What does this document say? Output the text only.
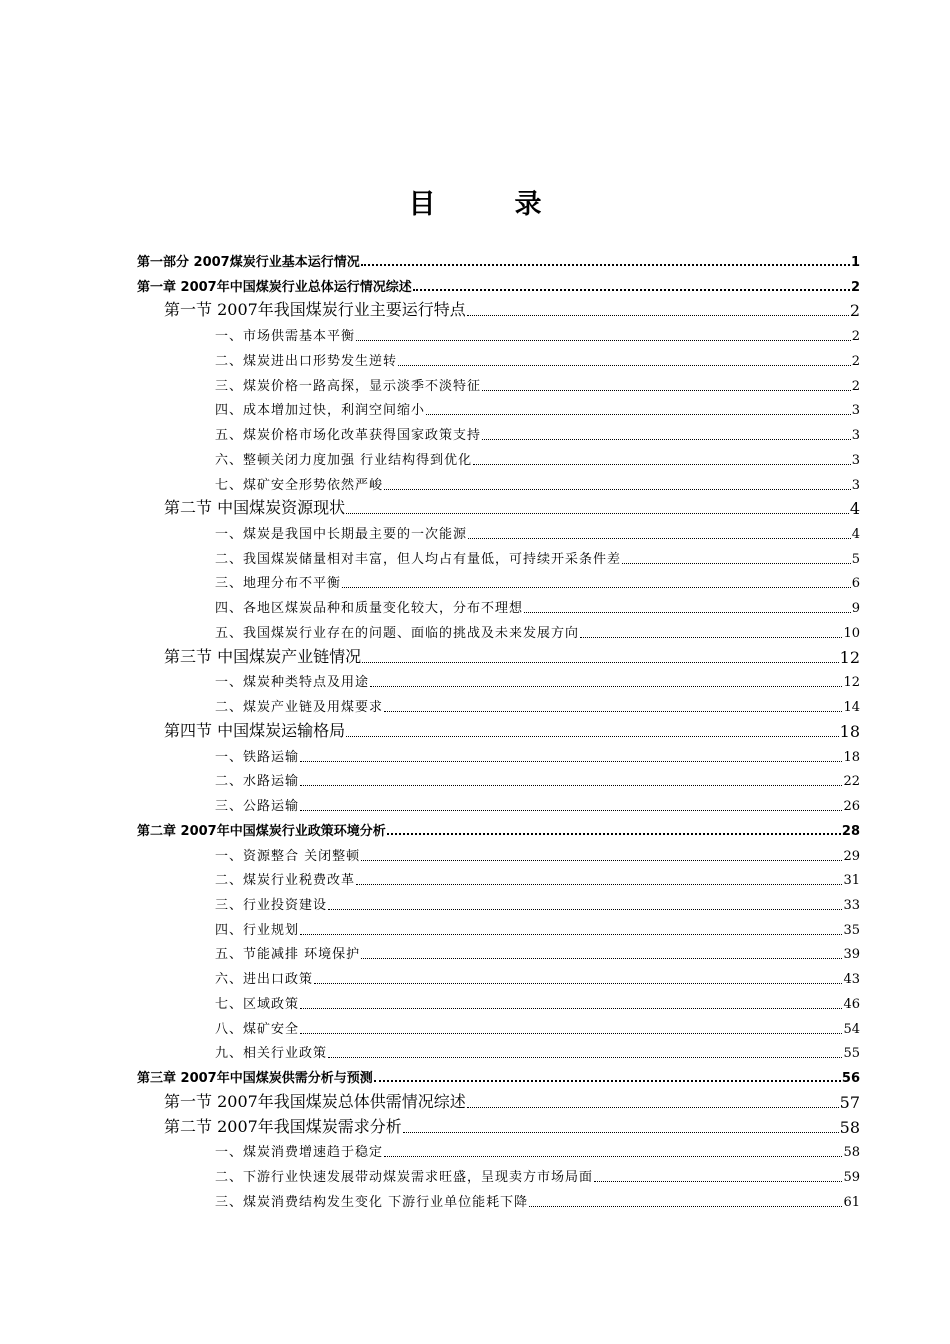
目　录
第一部分 2007煤炭行业基本运行情况	1
第一章 2007年中国煤炭行业总体运行情况综述	2
第一节 2007年我国煤炭行业主要运行特点	2
一、市场供需基本平衡	2
二、煤炭进出口形势发生逆转	2
三、煤炭价格一路高探，显示淡季不淡特征	2
四、成本增加过快，利润空间缩小	3
五、煤炭价格市场化改革获得国家政策支持	3
六、整顿关闭力度加强 行业结构得到优化	3
七、煤矿安全形势依然严峻	3
第二节 中国煤炭资源现状	4
一、煤炭是我国中长期最主要的一次能源	4
二、我国煤炭储量相对丰富，但人均占有量低，可持续开采条件差	5
三、地理分布不平衡	6
四、各地区煤炭品种和质量变化较大，分布不理想	9
五、我国煤炭行业存在的问题、面临的挑战及未来发展方向	10
第三节 中国煤炭产业链情况	12
一、煤炭种类特点及用途	12
二、煤炭产业链及用煤要求	14
第四节 中国煤炭运输格局	18
一、铁路运输	18
二、水路运输	22
三、公路运输	26
第二章 2007年中国煤炭行业政策环境分析	28
一、资源整合 关闭整顿	29
二、煤炭行业税费改革	31
三、行业投资建设	33
四、行业规划	35
五、节能减排 环境保护	39
六、进出口政策	43
七、区域政策	46
八、煤矿安全	54
九、相关行业政策	55
第三章 2007年中国煤炭供需分析与预测	56
第一节 2007年我国煤炭总体供需情况综述	57
第二节 2007年我国煤炭需求分析	58
一、煤炭消费增速趋于稳定	58
二、下游行业快速发展带动煤炭需求旺盛，呈现卖方市场局面	59
三、煤炭消费结构发生变化 下游行业单位能耗下降	61
